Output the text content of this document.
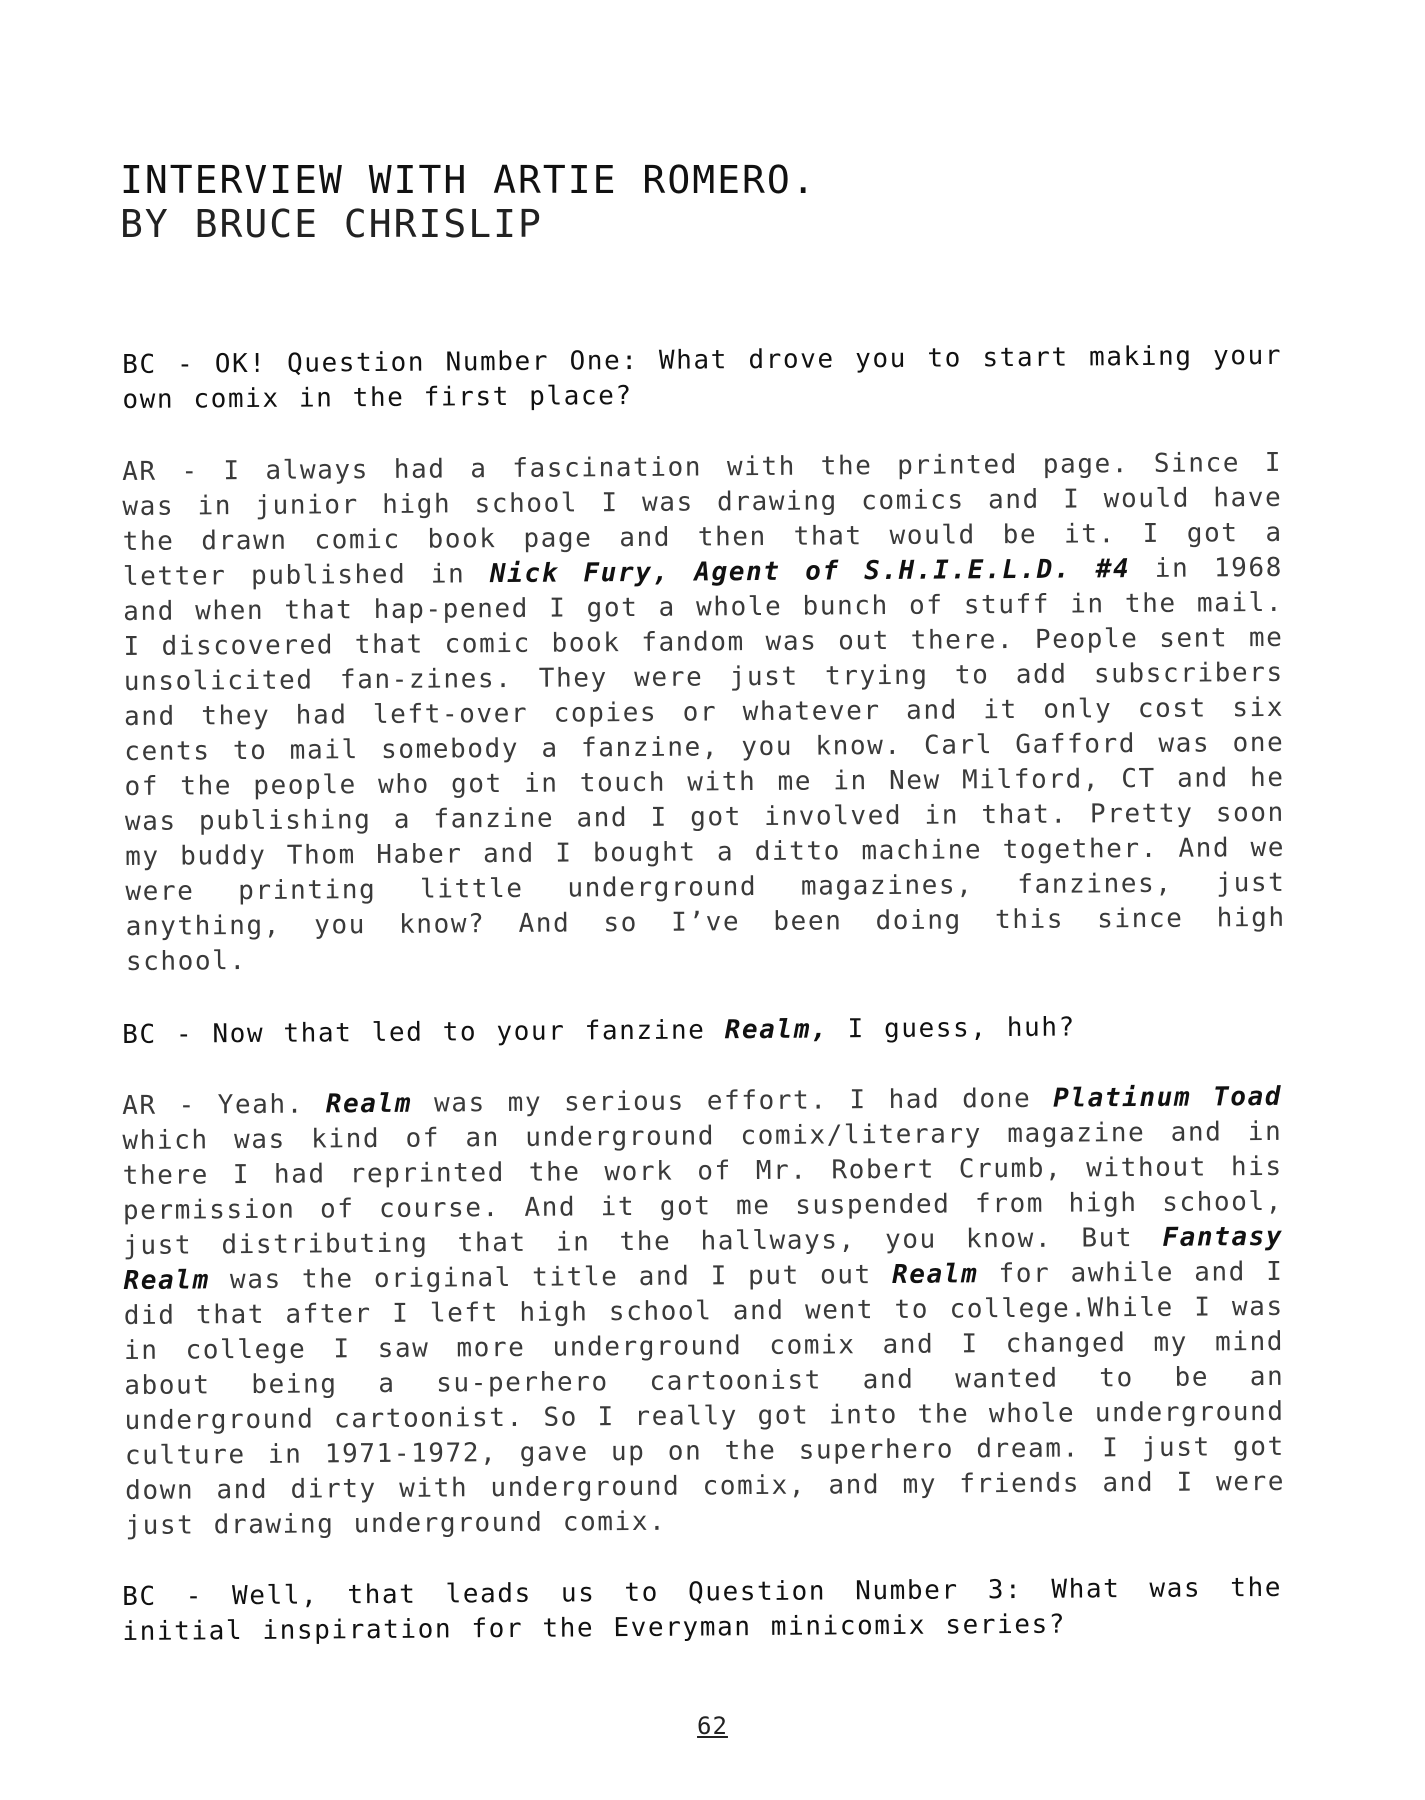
INTERVIEW WITH ARTIE ROMERO.
BY BRUCE CHRISLIP

BC - OK! Question Number One: What drove you to start making your own comix in the first place?

AR - I always had a fascination with the printed page. Since I was in junior high school I was drawing comics and I would have the drawn comic book page and then that would be it. I got a letter published in Nick Fury, Agent of S.H.I.E.L.D. #4 in 1968 and when that hap-pened I got a whole bunch of stuff in the mail. I discovered that comic book fandom was out there. People sent me unsolicited fan-zines. They were just trying to add subscribers and they had left-over copies or whatever and it only cost six cents to mail somebody a fanzine, you know. Carl Gafford was one of the people who got in touch with me in New Milford, CT and he was publishing a fanzine and I got involved in that. Pretty soon my buddy Thom Haber and I bought a ditto machine together. And we were printing little underground magazines, fanzines, just anything, you know? And so I’ve been doing this since high school.

BC - Now that led to your fanzine Realm, I guess, huh?

AR - Yeah. Realm was my serious effort. I had done Platinum Toad which was kind of an underground comix/literary magazine and in there I had reprinted the work of Mr. Robert Crumb, without his permission of course. And it got me suspended from high school, just distributing that in the hallways, you know. But Fantasy Realm was the original title and I put out Realm for awhile and I did that after I left high school and went to college.While I was in college I saw more underground comix and I changed my mind about being a su-perhero cartoonist and wanted to be an underground cartoonist. So I really got into the whole underground culture in 1971-1972, gave up on the superhero dream. I just got down and dirty with underground comix, and my friends and I were just drawing underground comix.

BC - Well, that leads us to Question Number 3: What was the initial inspiration for the Everyman minicomix series?

62
